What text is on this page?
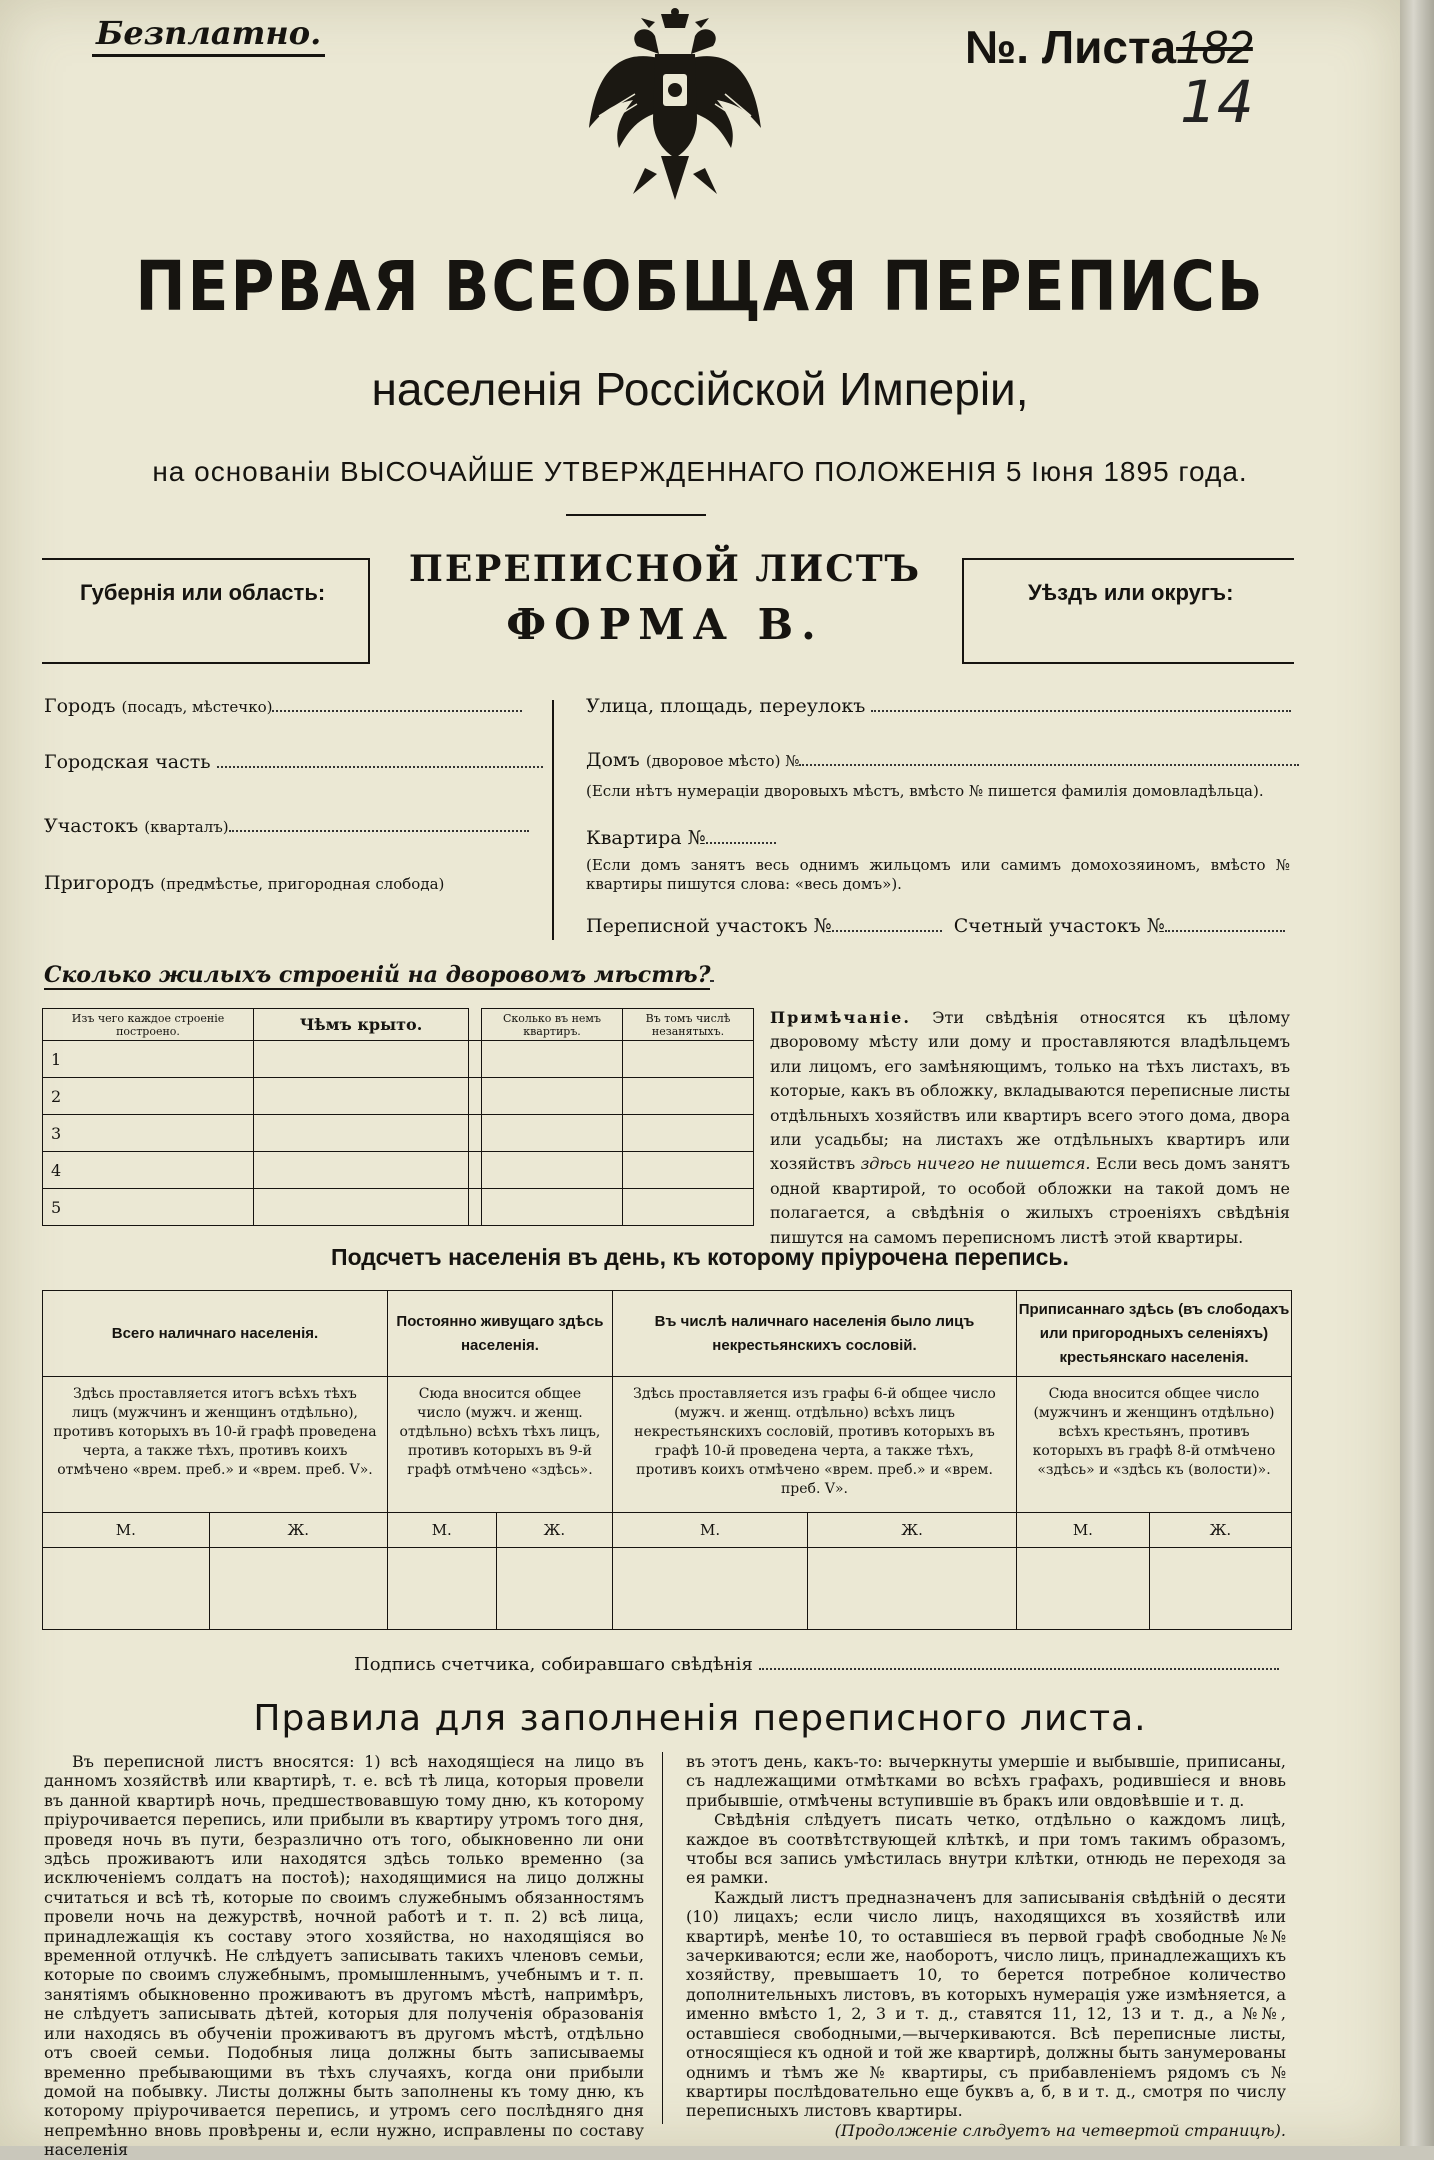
Безплатно.	№. Листа182
14
ПЕРВАЯ ВСЕОБЩАЯ ПЕРЕПИСЬ
населенія Россійской Имперіи,
на основаніи ВЫСОЧАЙШЕ УТВЕРЖДЕННАГО ПОЛОЖЕНІЯ 5 Іюня 1895 года.
Губернія или область:	Уѣздъ или округъ:
ПЕРЕПИСНОЙ ЛИСТЪ
ФОРМА В.
Городъ (посадъ, мѣстечко)
Городская часть
Участокъ (кварталъ)
Пригородъ (предмѣстье, пригородная слобода)
Улица, площадь, переулокъ
Домъ (дворовое мѣсто) №
(Если нѣтъ нумераціи дворовыхъ мѣстъ, вмѣсто № пишется фамилія домовладѣльца).
Квартира №
(Если домъ занятъ весь однимъ жильцомъ или самимъ домохозяиномъ, вмѣсто № квартиры пишутся слова: «весь домъ»).
Переписной участокъ №	Счетный участокъ №
Сколько жилыхъ строеній на дворовомъ мѣстѣ?
Изъ чего каждое строеніе построено.	Чѣмъ крыто.		Сколько въ немъ квартиръ.	Въ томъ числѣ незанятыхъ.
1				
2				
3				
4				
5				
Примѣчаніе. Эти свѣдѣнія относятся къ цѣлому дворовому мѣсту или дому и проставляются владѣльцемъ или лицомъ, его замѣняющимъ, только на тѣхъ листахъ, въ которые, какъ въ обложку, вкладываются переписные листы отдѣльныхъ хозяйствъ или квартиръ всего этого дома, двора или усадьбы; на листахъ же отдѣльныхъ квартиръ или хозяйствъ здѣсь ничего не пишется. Если весь домъ занятъ одной квартирой, то особой обложки на такой домъ не полагается, а свѣдѣнія о жилыхъ строеніяхъ свѣдѣнія пишутся на самомъ переписномъ листѣ этой квартиры.
Подсчетъ населенія въ день, къ которому пріурочена перепись.
Всего наличнаго населенія.		Постоянно живущаго здѣсь населенія.		Въ числѣ наличнаго населенія было лицъ некрестьянскихъ сословій.		Приписаннаго здѣсь (въ слободахъ или пригородныхъ селеніяхъ) крестьянскаго населенія.	
Здѣсь проставляется итогъ всѣхъ тѣхъ лицъ (мужчинъ и женщинъ отдѣльно), противъ которыхъ въ 10-й графѣ проведена черта, а также тѣхъ, противъ коихъ отмѣчено «врем. преб.» и «врем. преб. V».		Сюда вносится общее число (мужч. и женщ. отдѣльно) всѣхъ тѣхъ лицъ, противъ которыхъ въ 9-й графѣ отмѣчено «здѣсь».		Здѣсь проставляется изъ графы 6-й общее число (мужч. и женщ. отдѣльно) всѣхъ лицъ некрестьянскихъ сословій, противъ которыхъ въ графѣ 10-й проведена черта, а также тѣхъ, противъ коихъ отмѣчено «врем. преб.» и «врем. преб. V».		Сюда вносится общее число (мужчинъ и женщинъ отдѣльно) всѣхъ крестьянъ, противъ которыхъ въ графѣ 8-й отмѣчено «здѣсь» и «здѣсь къ (волости)».	
М.	Ж.	М.	Ж.	М.	Ж.	М.	Ж.

Подпись счетчика, собиравшаго свѣдѣнія
Правила для заполненія переписного листа.

Въ переписной листъ вносятся: 1) всѣ находящіеся на лицо въ данномъ хозяйствѣ или квартирѣ, т. е. всѣ тѣ лица, которыя провели въ данной квартирѣ ночь, предшествовавшую тому дню, къ которому пріурочивается перепись, или прибыли въ квартиру утромъ того дня, проведя ночь въ пути, безразлично отъ того, обыкновенно ли они здѣсь проживаютъ или находятся здѣсь только временно (за исключеніемъ солдатъ на постоѣ); находящимися на лицо должны считаться и всѣ тѣ, которые по своимъ служебнымъ обязанностямъ провели ночь на дежурствѣ, ночной работѣ и т. п. 2) всѣ лица, принадлежащія къ составу этого хозяйства, но находящіяся во временной отлучкѣ. Не слѣдуетъ записывать такихъ членовъ семьи, которые по своимъ служебнымъ, промышленнымъ, учебнымъ и т. п. занятіямъ обыкновенно проживаютъ въ другомъ мѣстѣ, напримѣръ, не слѣдуетъ записывать дѣтей, которыя для полученія образованія или находясь въ обученіи проживаютъ въ другомъ мѣстѣ, отдѣльно отъ своей семьи. Подобныя лица должны быть записываемы временно пребывающими въ тѣхъ случаяхъ, когда они прибыли домой на побывку. Листы должны быть заполнены къ тому дню, къ которому пріурочивается перепись, и утромъ сего послѣдняго дня непремѣнно вновь провѣрены и, если нужно, исправлены по составу населенія

въ этотъ день, какъ-то: вычеркнуты умершіе и выбывшіе, приписаны, съ надлежащими отмѣтками во всѣхъ графахъ, родившіеся и вновь прибывшіе, отмѣчены вступившіе въ бракъ или овдовѣвшіе и т. д.

Свѣдѣнія слѣдуетъ писать четко, отдѣльно о каждомъ лицѣ, каждое въ соотвѣтствующей клѣткѣ, и при томъ такимъ образомъ, чтобы вся запись умѣстилась внутри клѣтки, отнюдь не переходя за ея рамки.

Каждый листъ предназначенъ для записыванія свѣдѣній о десяти (10) лицахъ; если число лицъ, находящихся въ хозяйствѣ или квартирѣ, менѣе 10, то оставшіеся въ первой графѣ свободные №№ зачеркиваются; если же, наоборотъ, число лицъ, принадлежащихъ къ хозяйству, превышаетъ 10, то берется потребное количество дополнительныхъ листовъ, въ которыхъ нумерація уже измѣняется, а именно вмѣсто 1, 2, 3 и т. д., ставятся 11, 12, 13 и т. д., а №№, оставшіеся свободными,—вычеркиваются. Всѣ переписные листы, относящіеся къ одной и той же квартирѣ, должны быть занумерованы однимъ и тѣмъ же № квартиры, съ прибавленіемъ рядомъ съ № квартиры послѣдовательно еще буквъ а, б, в и т. д., смотря по числу переписныхъ листовъ квартиры.

(Продолженіе слѣдуетъ на четвертой страницѣ).
